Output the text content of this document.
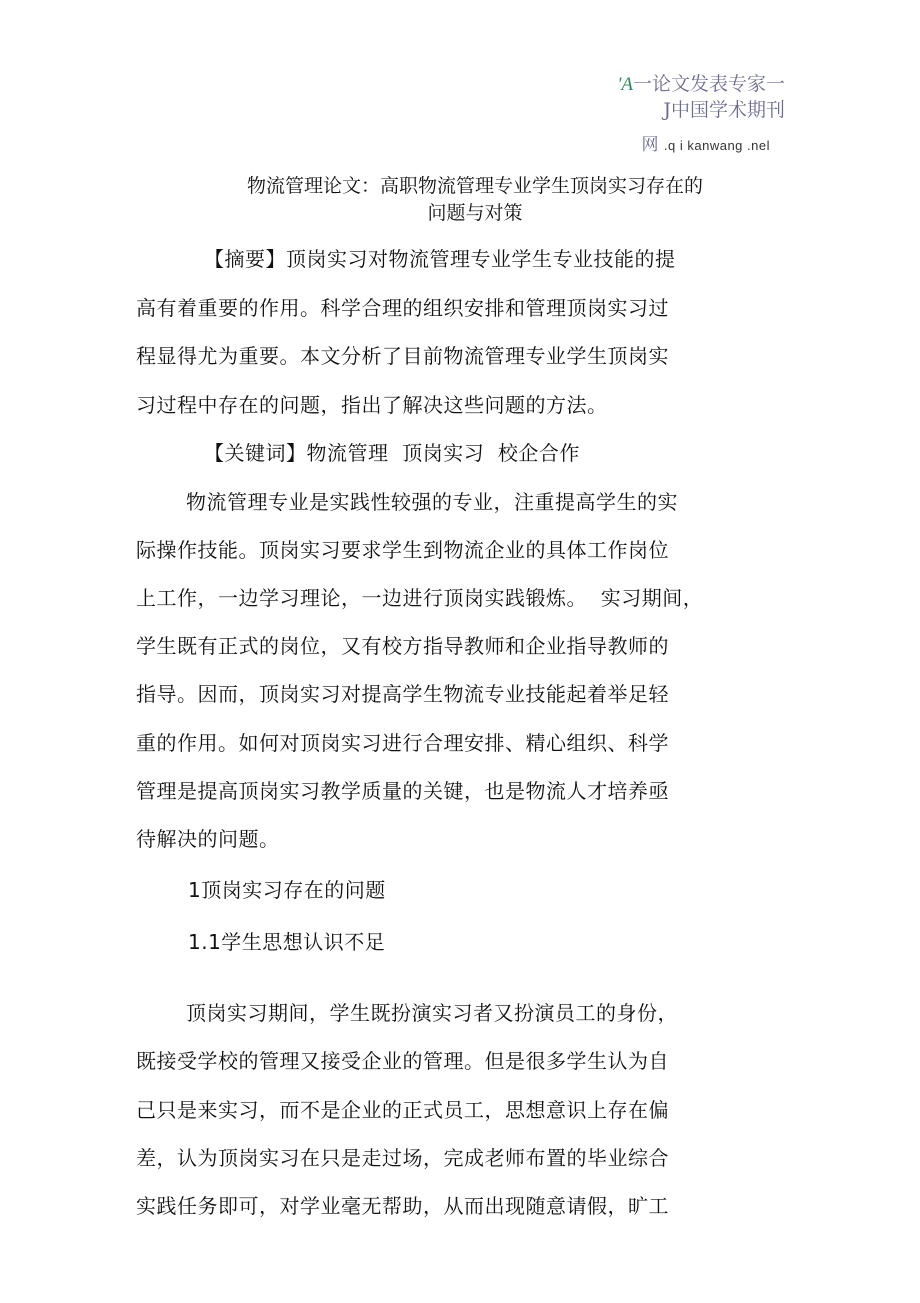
'A一论文发表专家一
J中国学术期刊
网 .q i kanwang .nel
物流管理论文：高职物流管理专业学生顶岗实习存在的
问题与对策
【摘要】顶岗实习对物流管理专业学生专业技能的提
高有着重要的作用。科学合理的组织安排和管理顶岗实习过
程显得尤为重要。本文分析了目前物流管理专业学生顶岗实
习过程中存在的问题，指出了解决这些问题的方法。
【关键词】物流管理  顶岗实习  校企合作
物流管理专业是实践性较强的专业，注重提高学生的实
际操作技能。顶岗实习要求学生到物流企业的具体工作岗位
上工作，一边学习理论，一边进行顶岗实践锻炼。  实习期间，
学生既有正式的岗位，又有校方指导教师和企业指导教师的
指导。因而，顶岗实习对提高学生物流专业技能起着举足轻
重的作用。如何对顶岗实习进行合理安排、精心组织、科学
管理是提高顶岗实习教学质量的关键，也是物流人才培养亟
待解决的问题。
1顶岗实习存在的问题
1.1学生思想认识不足
顶岗实习期间，学生既扮演实习者又扮演员工的身份，
既接受学校的管理又接受企业的管理。但是很多学生认为自
己只是来实习，而不是企业的正式员工，思想意识上存在偏
差，认为顶岗实习在只是走过场，完成老师布置的毕业综合
实践任务即可，对学业毫无帮助，从而出现随意请假，旷工
